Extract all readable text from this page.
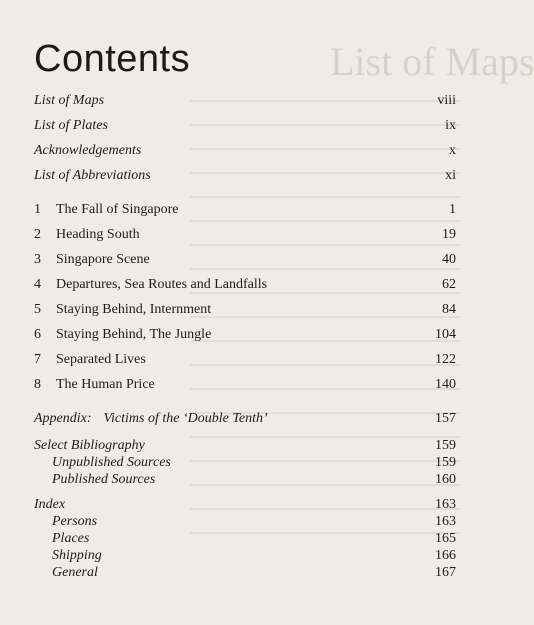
List of Maps
Contents
List of Maps	viii
List of Plates	ix
Acknowledgements	x
List of Abbreviations	xi
1 The Fall of Singapore	1
2 Heading South	19
3 Singapore Scene	40
4 Departures, Sea Routes and Landfalls	62
5 Staying Behind, Internment	84
6 Staying Behind, The Jungle	104
7 Separated Lives	122
8 The Human Price	140
Appendix: Victims of the ‘Double Tenth’	157
Select Bibliography	159
Unpublished Sources	159
Published Sources	160
Index	163
Persons	163
Places	165
Shipping	166
General	167
